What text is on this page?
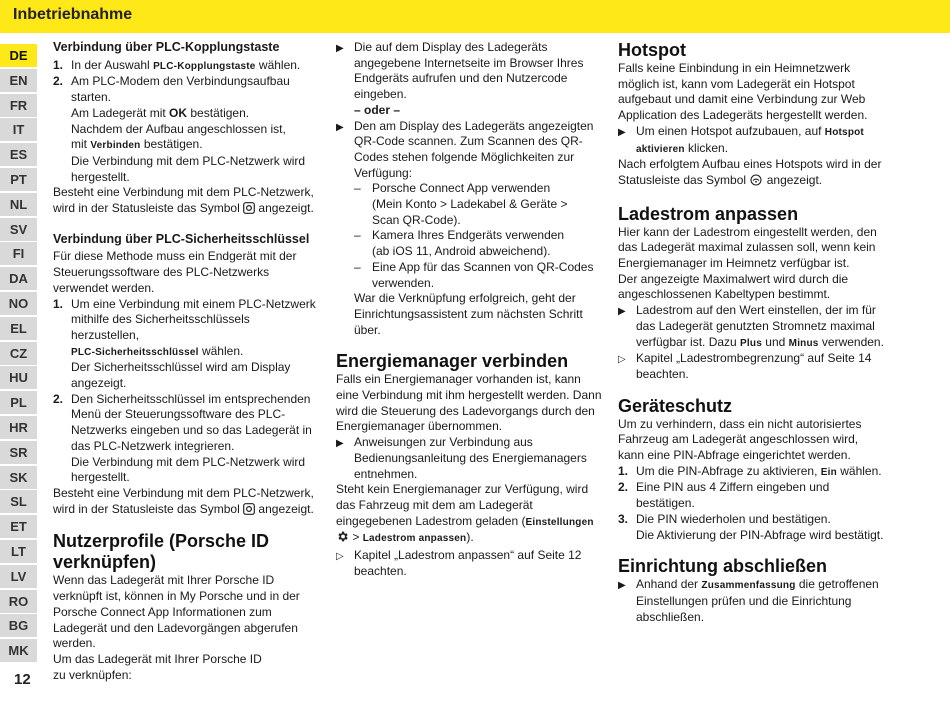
Inbetriebnahme
DE
EN
FR
IT
ES
PT
NL
SV
FI
DA
NO
EL
CZ
HU
PL
HR
SR
SK
SL
ET
LT
LV
RO
BG
MK
12

Verbindung über PLC-Kopplungstaste

1. In der Auswahl PLC-Kopplungstaste wählen.
2. Am PLC-Modem den Verbindungsaufbau starten.
Am Ladegerät mit OK bestätigen.
Nachdem der Aufbau angeschlossen ist,
mit Verbinden bestätigen.
Die Verbindung mit dem PLC-Netzwerk wird hergestellt.

Besteht eine Verbindung mit dem PLC-Netzwerk, wird in der Statusleiste das Symbol  angezeigt.

Verbindung über PLC-Sicherheitsschlüssel

Für diese Methode muss ein Endgerät mit der Steuerungssoftware des PLC-Netzwerks verwendet werden.

1. Um eine Verbindung mit einem PLC-Netzwerk mithilfe des Sicherheitsschlüssels herzustellen,
PLC-Sicherheitsschlüssel wählen.
Der Sicherheitsschlüssel wird am Display angezeigt.
2. Den Sicherheitsschlüssel im entsprechenden Menü der Steuerungssoftware des PLC-Netzwerks eingeben und so das Ladegerät in das PLC-Netzwerk integrieren.
Die Verbindung mit dem PLC-Netzwerk wird hergestellt.

Besteht eine Verbindung mit dem PLC-Netzwerk, wird in der Statusleiste das Symbol  angezeigt.

Nutzerprofile (Porsche ID verknüpfen)

Wenn das Ladegerät mit Ihrer Porsche ID verknüpft ist, können in My Porsche und in der Porsche Connect App Informationen zum Ladegerät und den Ladevorgängen abgerufen werden.

Um das Ladegerät mit Ihrer Porsche ID
zu verknüpfen:

▶ Die auf dem Display des Ladegeräts angegebene Internetseite im Browser Ihres Endgeräts aufrufen und den Nutzercode eingeben.

– oder –

▶ Den am Display des Ladegeräts angezeigten QR-Code scannen. Zum Scannen des QR-Codes stehen folgende Möglichkeiten zur Verfügung:
– Porsche Connect App verwenden
(Mein Konto > Ladekabel & Geräte >
Scan QR-Code).
– Kamera Ihres Endgeräts verwenden
(ab iOS 11, Android abweichend).
– Eine App für das Scannen von QR-Codes
verwenden.

War die Verknüpfung erfolgreich, geht der Einrichtungsassistent zum nächsten Schritt über.

Energiemanager verbinden

Falls ein Energiemanager vorhanden ist, kann eine Verbindung mit ihm hergestellt werden. Dann wird die Steuerung des Ladevorgangs durch den Energiemanager übernommen.

▶ Anweisungen zur Verbindung aus Bedienungsanleitung des Energiemanagers entnehmen.

Steht kein Energiemanager zur Verfügung, wird das Fahrzeug mit dem am Ladegerät eingegebenen Ladestrom geladen (Einstellungen  > Ladestrom anpassen).

▷ Kapitel „Ladestrom anpassen“ auf Seite 12 beachten.

Hotspot

Falls keine Einbindung in ein Heimnetzwerk möglich ist, kann vom Ladegerät ein Hotspot aufgebaut und damit eine Verbindung zur Web Application des Ladegeräts hergestellt werden.

▶ Um einen Hotspot aufzubauen, auf Hotspot aktivieren klicken.

Nach erfolgtem Aufbau eines Hotspots wird in der Statusleiste das Symbol  angezeigt.

Ladestrom anpassen

Hier kann der Ladestrom eingestellt werden, den das Ladegerät maximal zulassen soll, wenn kein Energiemanager im Heimnetz verfügbar ist.

Der angezeigte Maximalwert wird durch die angeschlossenen Kabeltypen bestimmt.

▶ Ladestrom auf den Wert einstellen, der im für das Ladegerät genutzten Stromnetz maximal verfügbar ist. Dazu Plus und Minus verwenden.
▷ Kapitel „Ladestrombegrenzung“ auf Seite 14 beachten.

Geräteschutz

Um zu verhindern, dass ein nicht autorisiertes Fahrzeug am Ladegerät angeschlossen wird, kann eine PIN-Abfrage eingerichtet werden.

1. Um die PIN-Abfrage zu aktivieren, Ein wählen.
2. Eine PIN aus 4 Ziffern eingeben und bestätigen.
3. Die PIN wiederholen und bestätigen.
Die Aktivierung der PIN-Abfrage wird bestätigt.

Einrichtung abschließen

▶ Anhand der Zusammenfassung die getroffenen Einstellungen prüfen und die Einrichtung abschließen.
